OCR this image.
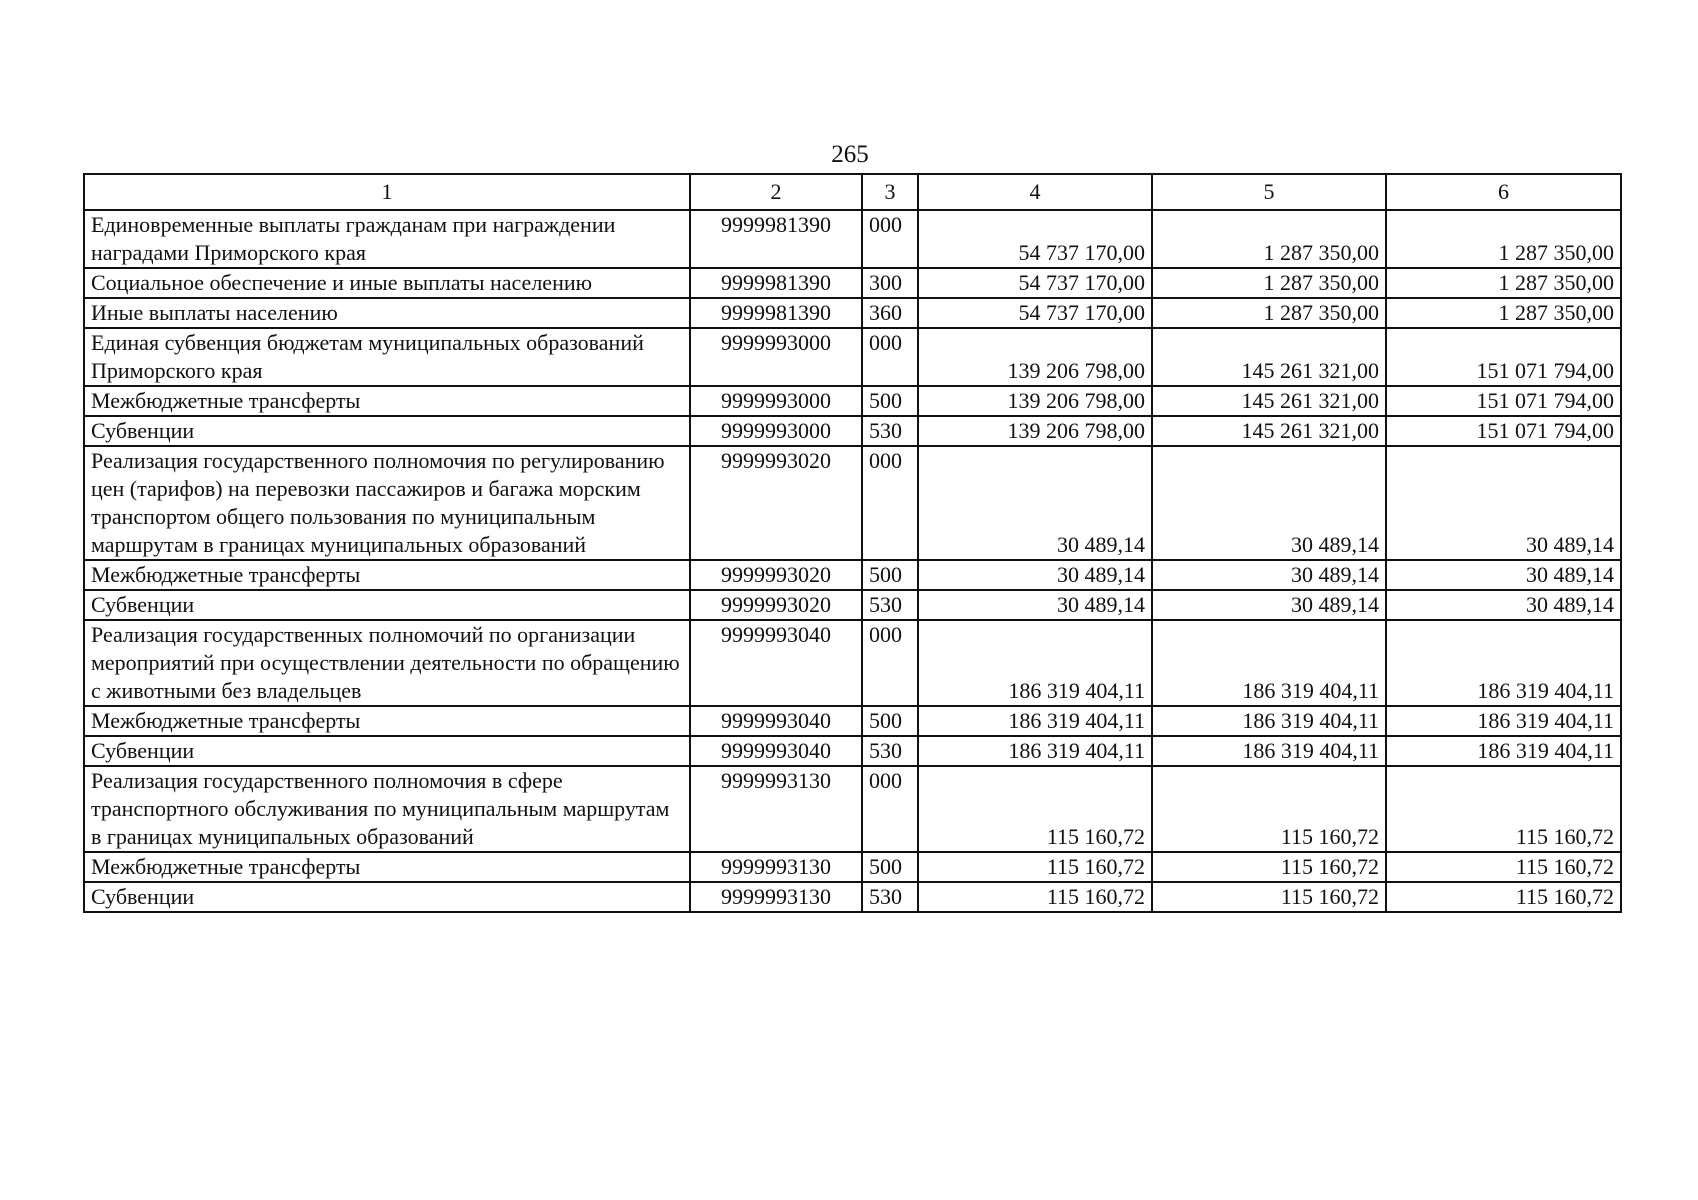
265
1	2	3	4	5	6
Единовременные выплаты гражданам при награждении наградами Приморского края	9999981390	000	54 737 170,00	1 287 350,00	1 287 350,00
Социальное обеспечение и иные выплаты населению	9999981390	300	54 737 170,00	1 287 350,00	1 287 350,00
Иные выплаты населению	9999981390	360	54 737 170,00	1 287 350,00	1 287 350,00
Единая субвенция бюджетам муниципальных образований Приморского края	9999993000	000	139 206 798,00	145 261 321,00	151 071 794,00
Межбюджетные трансферты	9999993000	500	139 206 798,00	145 261 321,00	151 071 794,00
Субвенции	9999993000	530	139 206 798,00	145 261 321,00	151 071 794,00
Реализация государственного полномочия по регулированию цен (тарифов) на перевозки пассажиров и багажа морским транспортом общего пользования по муниципальным маршрутам в границах муниципальных образований	9999993020	000	30 489,14	30 489,14	30 489,14
Межбюджетные трансферты	9999993020	500	30 489,14	30 489,14	30 489,14
Субвенции	9999993020	530	30 489,14	30 489,14	30 489,14
Реализация государственных полномочий по организации мероприятий при осуществлении деятельности по обращению с животными без владельцев	9999993040	000	186 319 404,11	186 319 404,11	186 319 404,11
Межбюджетные трансферты	9999993040	500	186 319 404,11	186 319 404,11	186 319 404,11
Субвенции	9999993040	530	186 319 404,11	186 319 404,11	186 319 404,11
Реализация государственного полномочия в сфере транспортного обслуживания по муниципальным маршрутам в границах муниципальных образований	9999993130	000	115 160,72	115 160,72	115 160,72
Межбюджетные трансферты	9999993130	500	115 160,72	115 160,72	115 160,72
Субвенции	9999993130	530	115 160,72	115 160,72	115 160,72
